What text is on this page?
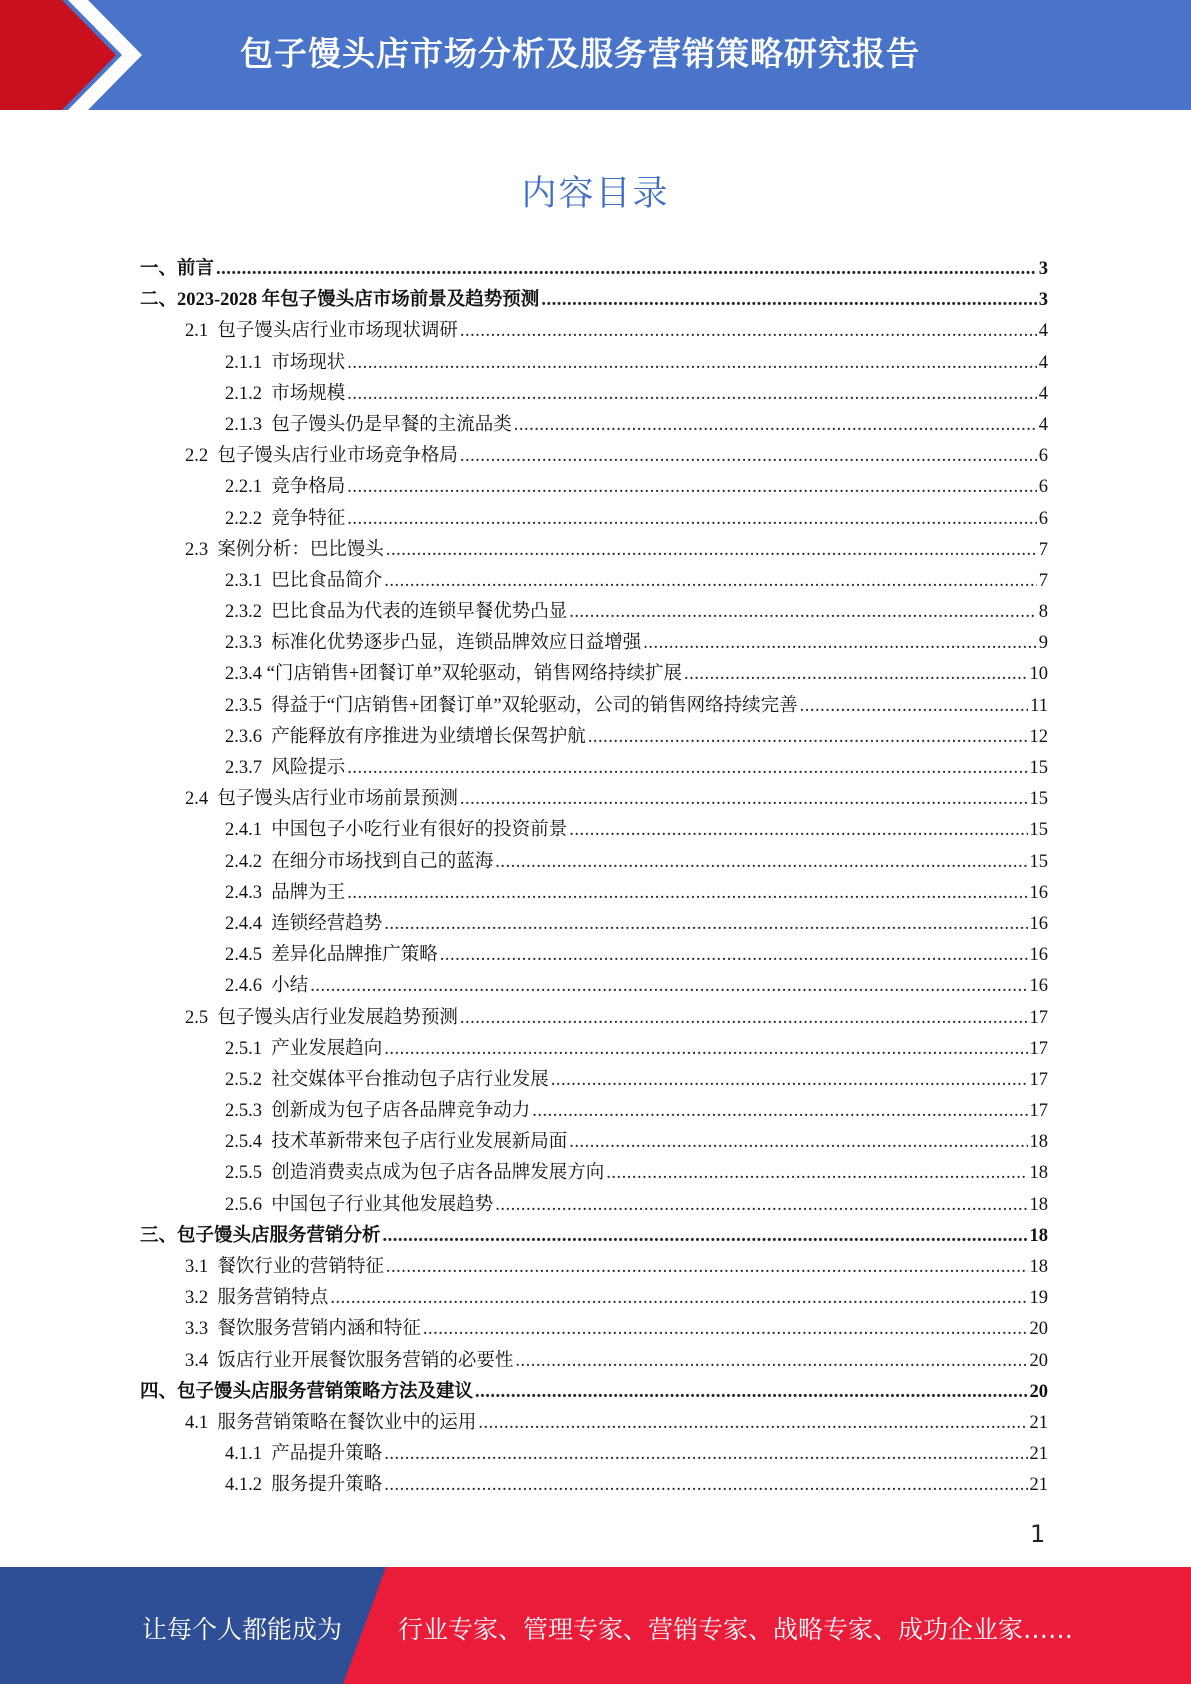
包子馒头店市场分析及服务营销策略研究报告
内容目录
一、 前言 .....	3
二、 2023-2028 年包子馒头店市场前景及趋势预测 .....	3
2.1 包子馒头店行业市场现状调研 .....	4
2.1.1 市场现状 .....	4
2.1.2 市场规模 .....	4
2.1.3 包子馒头仍是早餐的主流品类 .....	4
2.2 包子馒头店行业市场竞争格局 .....	6
2.2.1 竞争格局 .....	6
2.2.2 竞争特征 .....	6
2.3 案例分析：巴比馒头 .....	7
2.3.1 巴比食品简介 .....	7
2.3.2 巴比食品为代表的连锁早餐优势凸显 .....	8
2.3.3 标准化优势逐步凸显，连锁品牌效应日益增强 .....	9
2.3.4 “门店销售+团餐订单”双轮驱动，销售网络持续扩展 .....	10
2.3.5 得益于“门店销售+团餐订单”双轮驱动，公司的销售网络持续完善 .....	11
2.3.6 产能释放有序推进为业绩增长保驾护航 .....	12
2.3.7 风险提示 .....	15
2.4 包子馒头店行业市场前景预测 .....	15
2.4.1 中国包子小吃行业有很好的投资前景 .....	15
2.4.2 在细分市场找到自己的蓝海 .....	15
2.4.3 品牌为王 .....	16
2.4.4 连锁经营趋势 .....	16
2.4.5 差异化品牌推广策略 .....	16
2.4.6 小结 .....	16
2.5 包子馒头店行业发展趋势预测 .....	17
2.5.1 产业发展趋向 .....	17
2.5.2 社交媒体平台推动包子店行业发展 .....	17
2.5.3 创新成为包子店各品牌竞争动力 .....	17
2.5.4 技术革新带来包子店行业发展新局面 .....	18
2.5.5 创造消费卖点成为包子店各品牌发展方向 .....	18
2.5.6 中国包子行业其他发展趋势 .....	18
三、 包子馒头店服务营销分析 .....	18
3.1 餐饮行业的营销特征 .....	18
3.2 服务营销特点 .....	19
3.3 餐饮服务营销内涵和特征 .....	20
3.4 饭店行业开展餐饮服务营销的必要性 .....	20
四、 包子馒头店服务营销策略方法及建议 .....	20
4.1 服务营销策略在餐饮业中的运用 .....	21
4.1.1 产品提升策略 .....	21
4.1.2 服务提升策略 .....	21
1
让每个人都能成为 行业专家、管理专家、营销专家、战略专家、成功企业家……
